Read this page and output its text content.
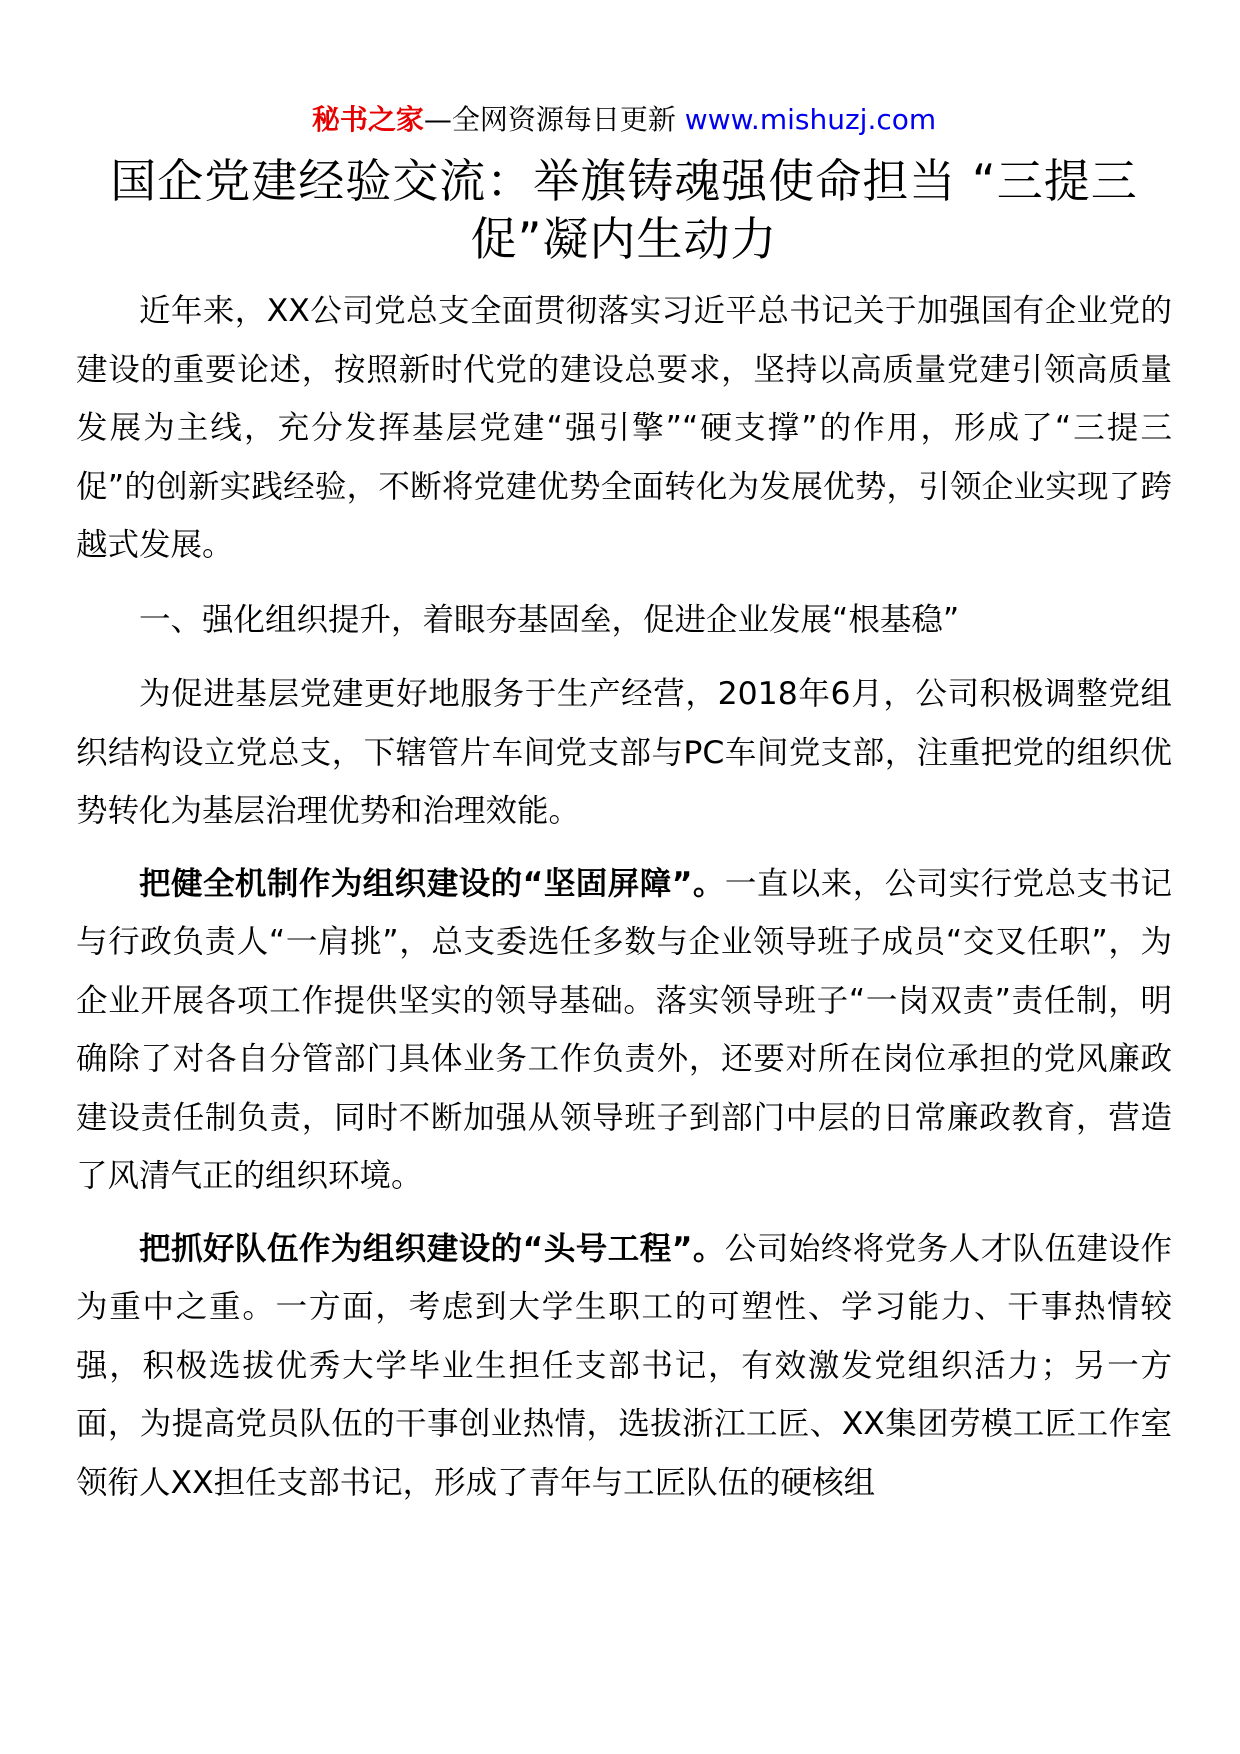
秘书之家—全网资源每日更新 www.mishuzj.com
国企党建经验交流：举旗铸魂强使命担当 “三提三促”凝内生动力

近年来，XX公司党总支全面贯彻落实习近平总书记关于加强国有企业党的建设的重要论述，按照新时代党的建设总要求，坚持以高质量党建引领高质量发展为主线，充分发挥基层党建“强引擎”“硬支撑”的作用，形成了“三提三促”的创新实践经验，不断将党建优势全面转化为发展优势，引领企业实现了跨越式发展。

一、强化组织提升，着眼夯基固垒，促进企业发展“根基稳”

为促进基层党建更好地服务于生产经营，2018年6月，公司积极调整党组织结构设立党总支，下辖管片车间党支部与PC车间党支部，注重把党的组织优势转化为基层治理优势和治理效能。

把健全机制作为组织建设的“坚固屏障”。一直以来，公司实行党总支书记与行政负责人“一肩挑”，总支委选任多数与企业领导班子成员“交叉任职”，为企业开展各项工作提供坚实的领导基础。落实领导班子“一岗双责”责任制，明确除了对各自分管部门具体业务工作负责外，还要对所在岗位承担的党风廉政建设责任制负责，同时不断加强从领导班子到部门中层的日常廉政教育，营造了风清气正的组织环境。

把抓好队伍作为组织建设的“头号工程”。公司始终将党务人才队伍建设作为重中之重。一方面，考虑到大学生职工的可塑性、学习能力、干事热情较强，积极选拔优秀大学毕业生担任支部书记，有效激发党组织活力；另一方面，为提高党员队伍的干事创业热情，选拔浙江工匠、XX集团劳模工匠工作室领衔人XX担任支部书记，形成了青年与工匠队伍的硬核组
